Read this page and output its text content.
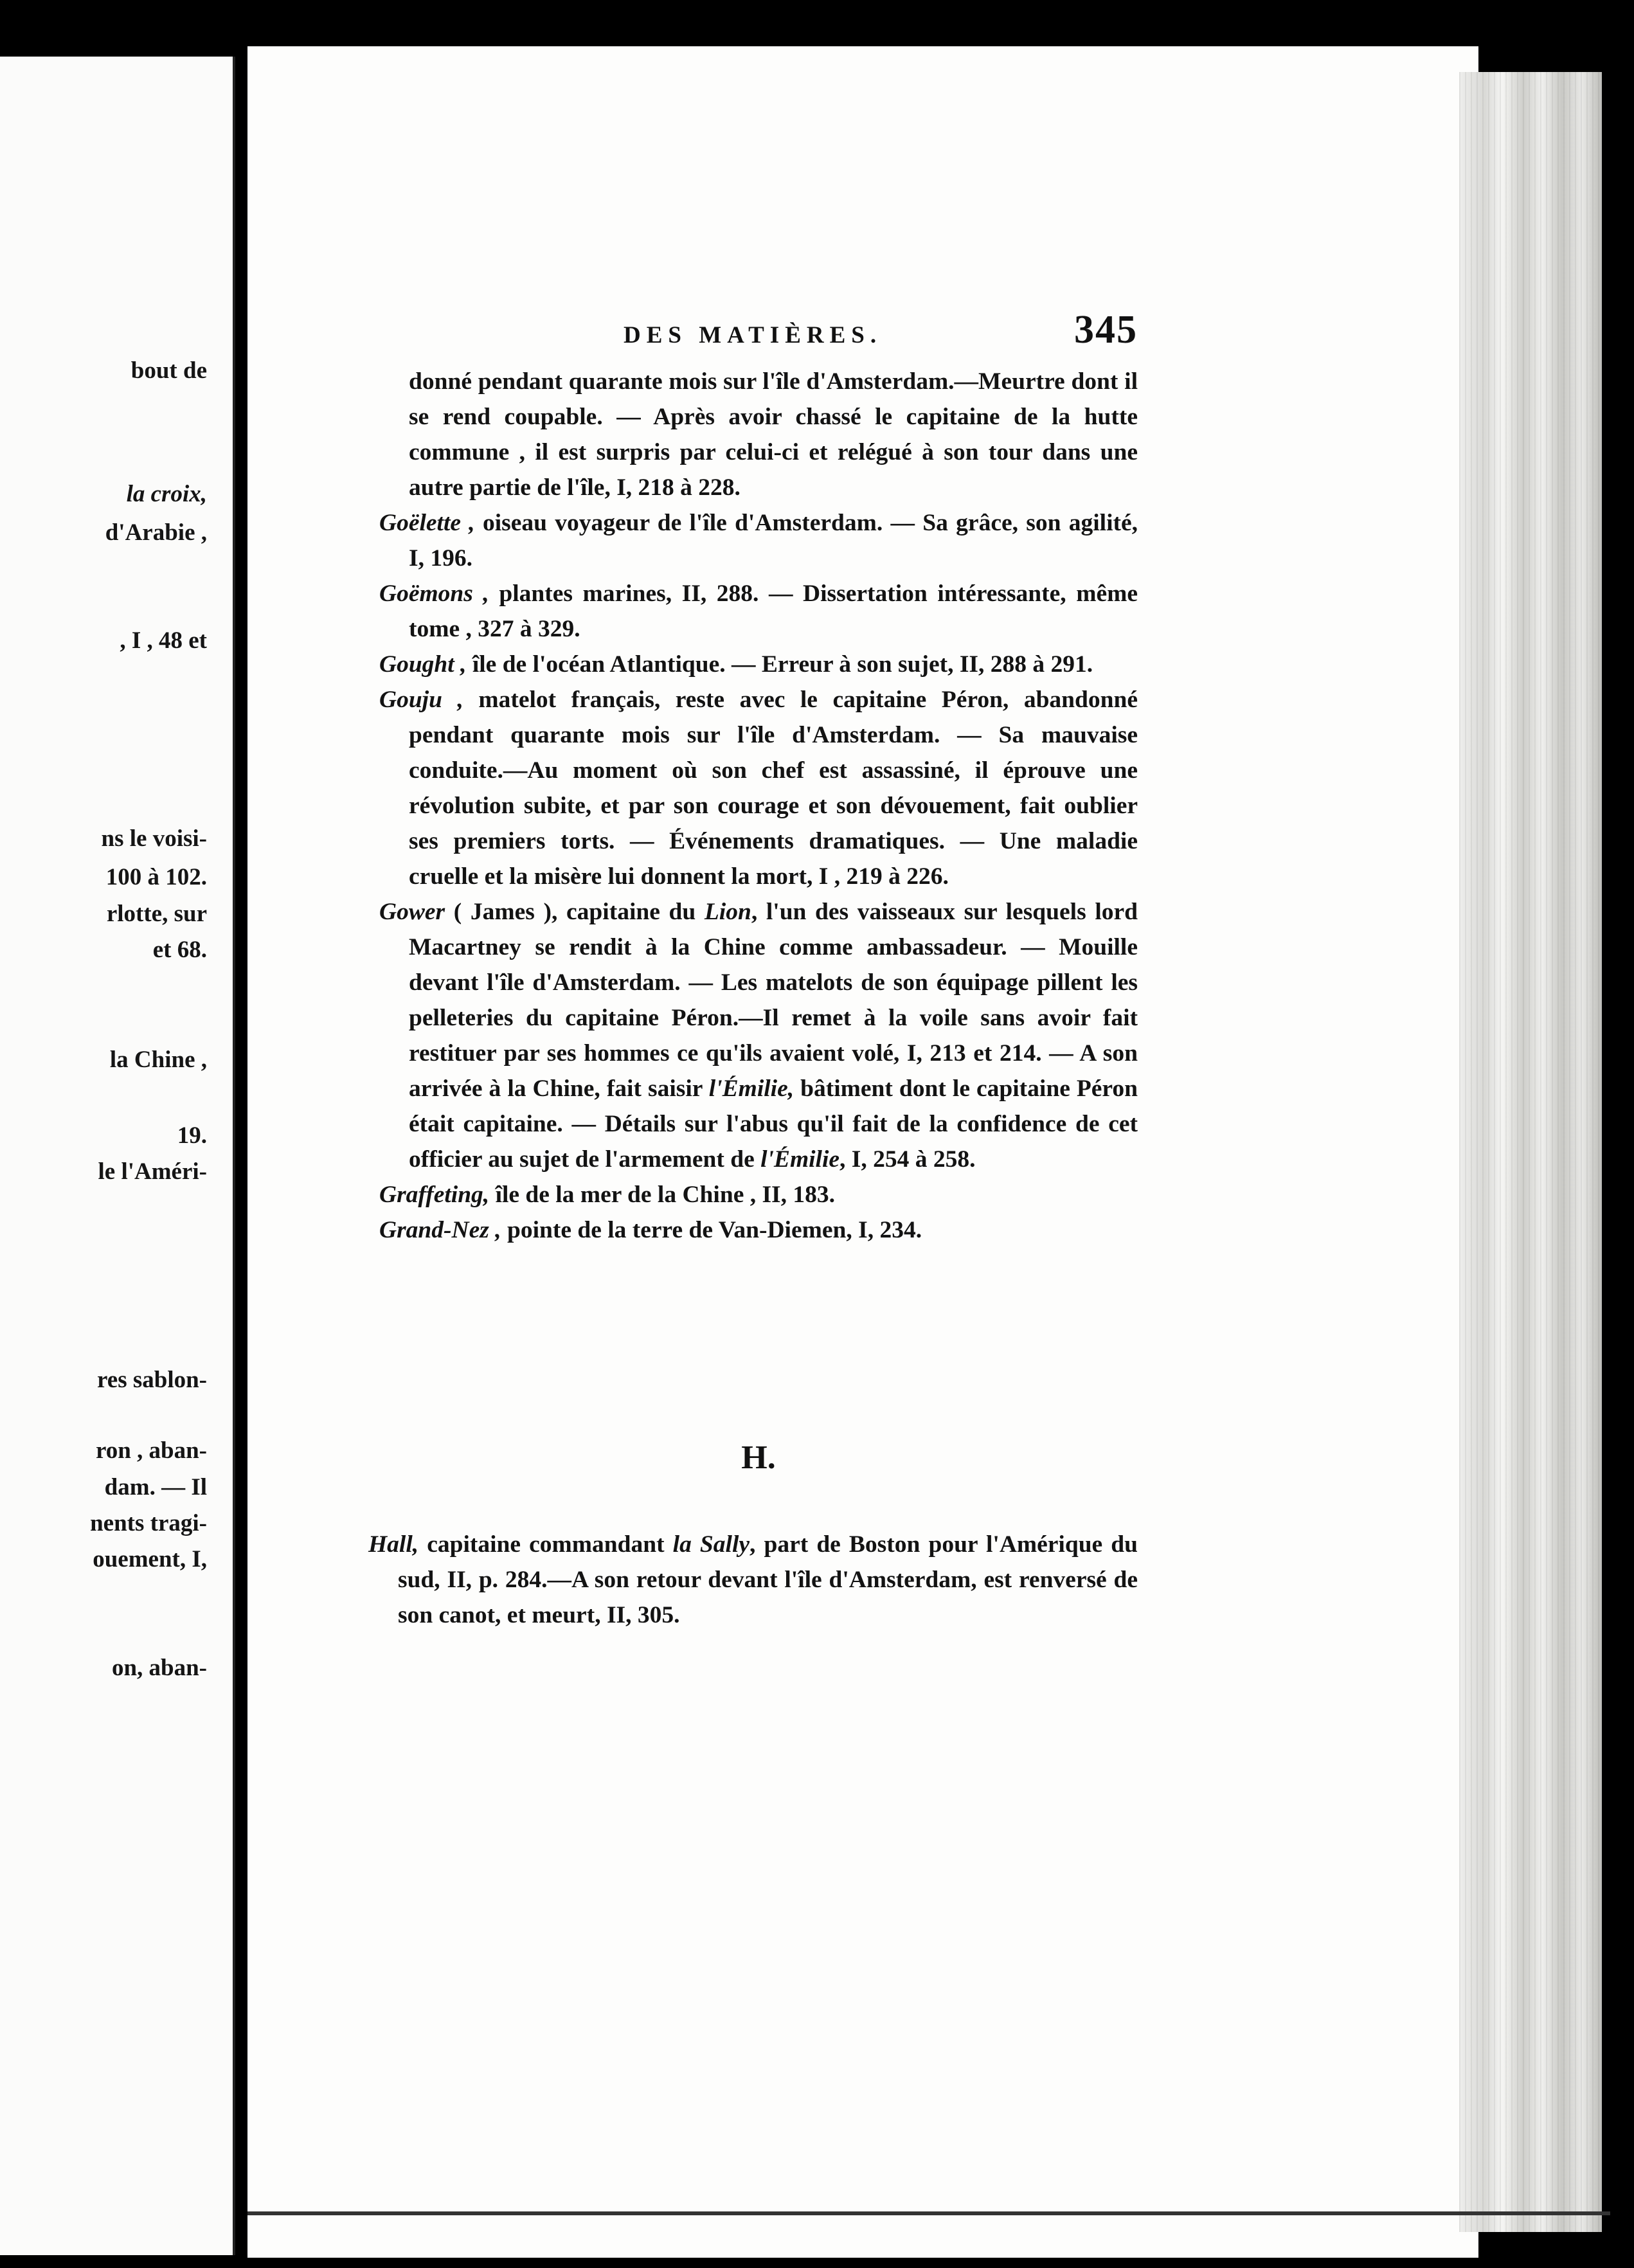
bout de
la croix,
d'Arabie ,
, I , 48 et
ns le voisi-
100 à 102.
rlotte, sur
et 68.
la Chine ,
19.
le l'Améri-
res sablon-
ron , aban-
dam. — Il
nents tragi-
ouement, I,
on, aban-
DES MATIÈRES.	345

donné pendant quarante mois sur l'île d'Amsterdam.—Meurtre dont il se rend coupable. — Après avoir chassé le capitaine de la hutte commune , il est surpris par celui-ci et relégué à son tour dans une autre partie de l'île, I, 218 à 228.

Goëlette , oiseau voyageur de l'île d'Amsterdam. — Sa grâce, son agilité, I, 196.

Goëmons , plantes marines, II, 288. — Dissertation intéressante, même tome , 327 à 329.

Gought , île de l'océan Atlantique. — Erreur à son sujet, II, 288 à 291.

Gouju , matelot français, reste avec le capitaine Péron, abandonné pendant quarante mois sur l'île d'Amsterdam. — Sa mauvaise conduite.—Au moment où son chef est assassiné, il éprouve une révolution subite, et par son courage et son dévouement, fait oublier ses premiers torts. — Événements dramatiques. — Une maladie cruelle et la misère lui donnent la mort, I , 219 à 226.

Gower ( James ), capitaine du Lion, l'un des vaisseaux sur lesquels lord Macartney se rendit à la Chine comme ambassadeur. — Mouille devant l'île d'Amsterdam. — Les matelots de son équipage pillent les pelleteries du capitaine Péron.—Il remet à la voile sans avoir fait restituer par ses hommes ce qu'ils avaient volé, I, 213 et 214. — A son arrivée à la Chine, fait saisir l'Émilie, bâtiment dont le capitaine Péron était capitaine. — Détails sur l'abus qu'il fait de la confidence de cet officier au sujet de l'armement de l'Émilie, I, 254 à 258.

Graffeting, île de la mer de la Chine , II, 183.

Grand-Nez , pointe de la terre de Van-Diemen, I, 234.

H.

Hall, capitaine commandant la Sally, part de Boston pour l'Amérique du sud, II, p. 284.—A son retour devant l'île d'Amsterdam, est renversé de son canot, et meurt, II, 305.
